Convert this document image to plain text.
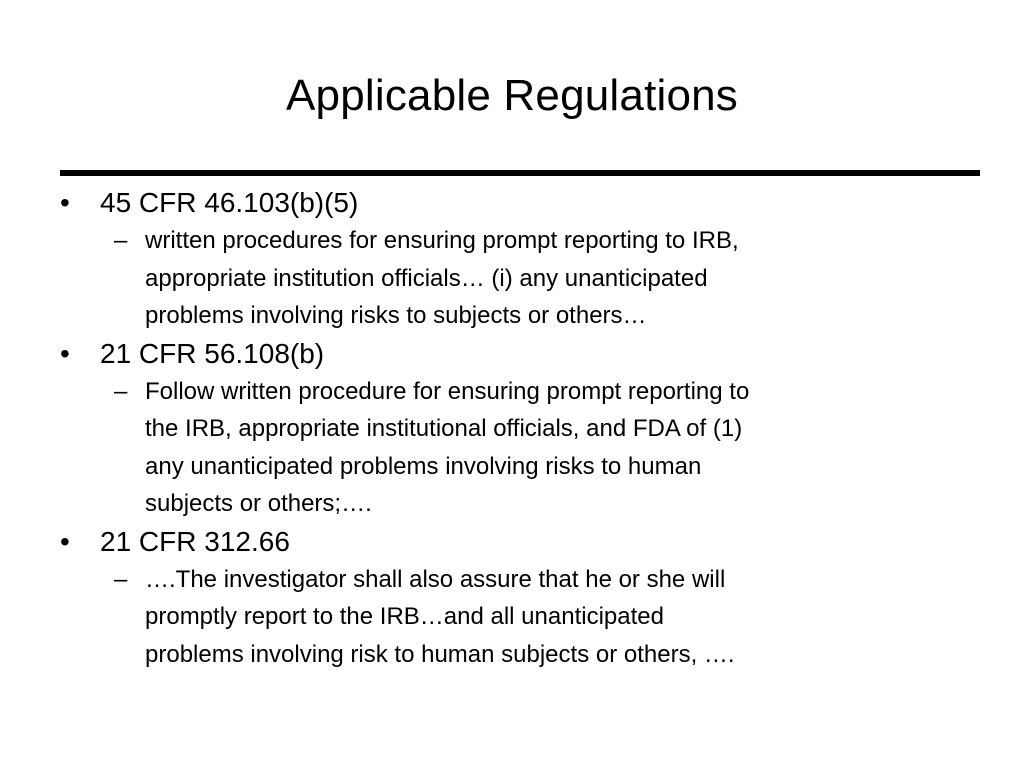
Applicable Regulations
• 45 CFR 46.103(b)(5)
– written procedures for ensuring prompt reporting to IRB,
appropriate institution officials… (i) any unanticipated
problems involving risks to subjects or others…
• 21 CFR 56.108(b)
– Follow written procedure for ensuring prompt reporting to
the IRB, appropriate institutional officials, and FDA of (1)
any unanticipated problems involving risks to human
subjects or others;….
• 21 CFR 312.66
– ….The investigator shall also assure that he or she will
promptly report to the IRB…and all unanticipated
problems involving risk to human subjects or others, ….
